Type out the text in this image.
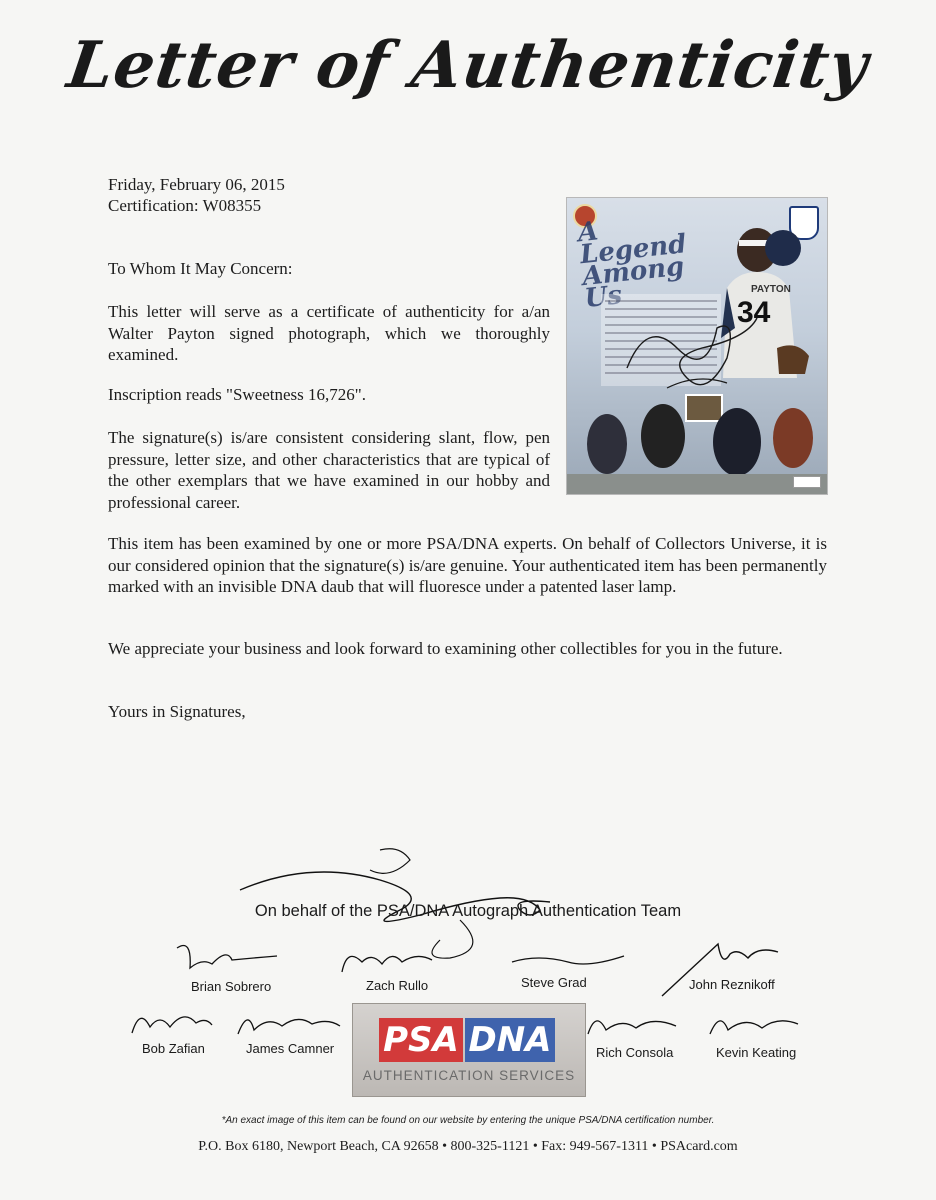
Letter of Authenticity
Friday, February 06, 2015
Certification: W08355
To Whom It May Concern:
This letter will serve as a certificate of authenticity for a/an Walter Payton signed photograph, which we thoroughly examined.
Inscription reads "Sweetness 16,726".
The signature(s) is/are consistent considering slant, flow, pen pressure, letter size, and other characteristics that are typical of the other exemplars that we have examined in our hobby and professional career.
This item has been examined by one or more PSA/DNA experts. On behalf of Collectors Universe, it is our considered opinion that the signature(s) is/are genuine. Your authenticated item has been permanently marked with an invisible DNA daub that will fluoresce under a patented laser lamp.
We appreciate your business and look forward to examining other collectibles for you in the future.
Yours in Signatures,
A Legend Among Us	PAYTON
34
On behalf of the PSA/DNA Autograph Authentication Team
Brian Sobrero	Zach Rullo	Steve Grad	John Reznikoff
Bob Zafian	James Camner	Rich Consola	Kevin Keating
PSA DNA
AUTHENTICATION SERVICES
*An exact image of this item can be found on our website by entering the unique PSA/DNA certification number.
P.O. Box 6180, Newport Beach, CA 92658 • 800-325-1121 • Fax: 949-567-1311 • PSAcard.com
